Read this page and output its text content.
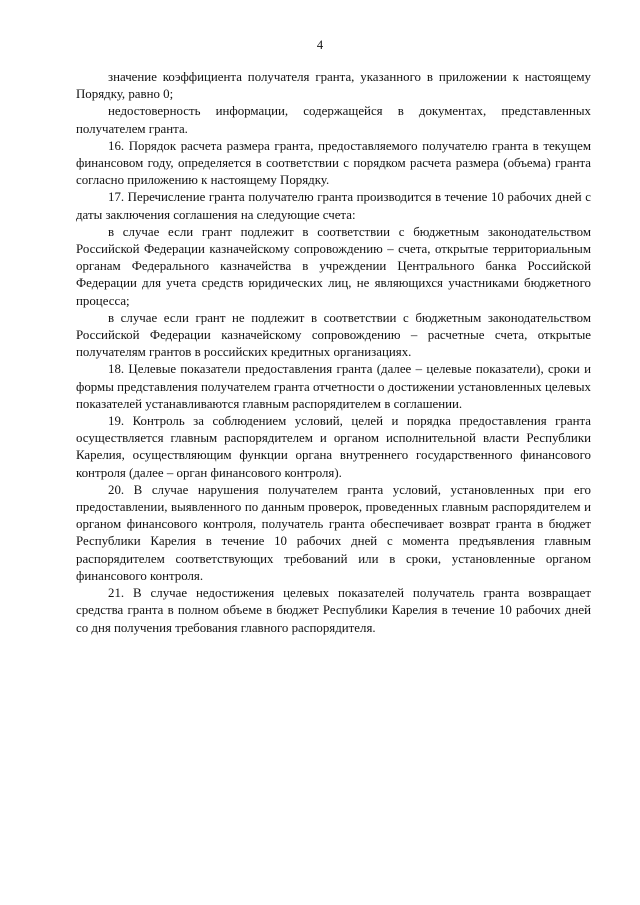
4

значение коэффициента получателя гранта, указанного в приложении к настоящему Порядку, равно 0;

недостоверность информации, содержащейся в документах, представленных получателем гранта.

16. Порядок расчета размера гранта, предоставляемого получателю гранта в текущем финансовом году, определяется в соответствии с порядком расчета размера (объема) гранта согласно приложению к настоящему Порядку.

17. Перечисление гранта получателю гранта производится в течение 10 рабочих дней с даты заключения соглашения на следующие счета:

в случае если грант подлежит в соответствии с бюджетным законодательством Российской Федерации казначейскому сопровождению – счета, открытые территориальным органам Федерального казначейства в учреждении Центрального банка Российской Федерации для учета средств юридических лиц, не являющихся участниками бюджетного процесса;

в случае если грант не подлежит в соответствии с бюджетным законодательством Российской Федерации казначейскому сопровождению – расчетные счета, открытые получателям грантов в российских кредитных организациях.

18. Целевые показатели предоставления гранта (далее – целевые показатели), сроки и формы представления получателем гранта отчетности о достижении установленных целевых показателей устанавливаются главным распорядителем в соглашении.

19. Контроль за соблюдением условий, целей и порядка предоставления гранта осуществляется главным распорядителем и органом исполнительной власти Республики Карелия, осуществляющим функции органа внутреннего государственного финансового контроля (далее – орган финансового контроля).

20. В случае нарушения получателем гранта условий, установленных при его предоставлении, выявленного по данным проверок, проведенных главным распорядителем и органом финансового контроля, получатель гранта обеспечивает возврат гранта в бюджет Республики Карелия в течение 10 рабочих дней с момента предъявления главным распорядителем соответствующих требований или в сроки, установленные органом финансового контроля.

21. В случае недостижения целевых показателей получатель гранта возвращает средства гранта в полном объеме в бюджет Республики Карелия в течение 10 рабочих дней со дня получения требования главного распорядителя.
